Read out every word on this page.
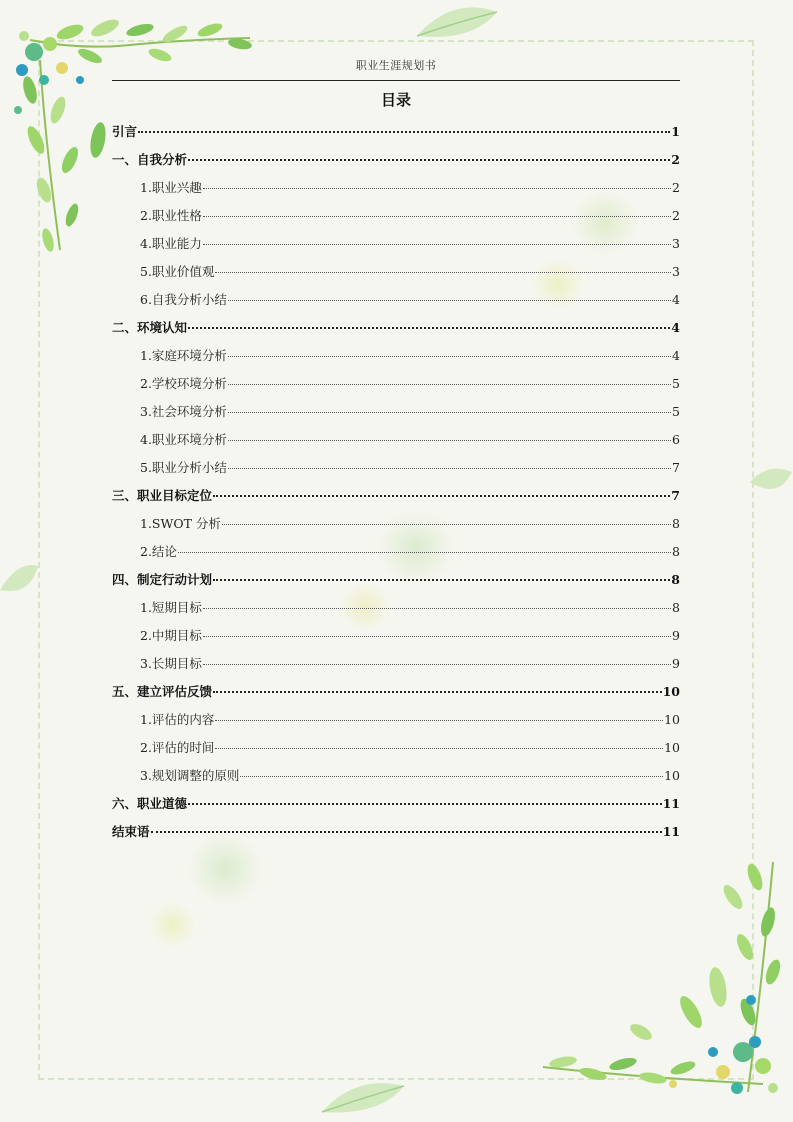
职业生涯规划书
目录
引言	1
一、自我分析	2
1.职业兴趣	2
2.职业性格	2
4.职业能力	3
5.职业价值观	3
6.自我分析小结	4
二、环境认知	4
1.家庭环境分析	4
2.学校环境分析	5
3.社会环境分析	5
4.职业环境分析	6
5.职业分析小结	7
三、职业目标定位	7
1.SWOT 分析	8
2.结论	8
四、制定行动计划	8
1.短期目标	8
2.中期目标	9
3.长期目标	9
五、建立评估反馈	10
1.评估的内容	10
2.评估的时间	10
3.规划调整的原则	10
六、职业道德	11
结束语	11
